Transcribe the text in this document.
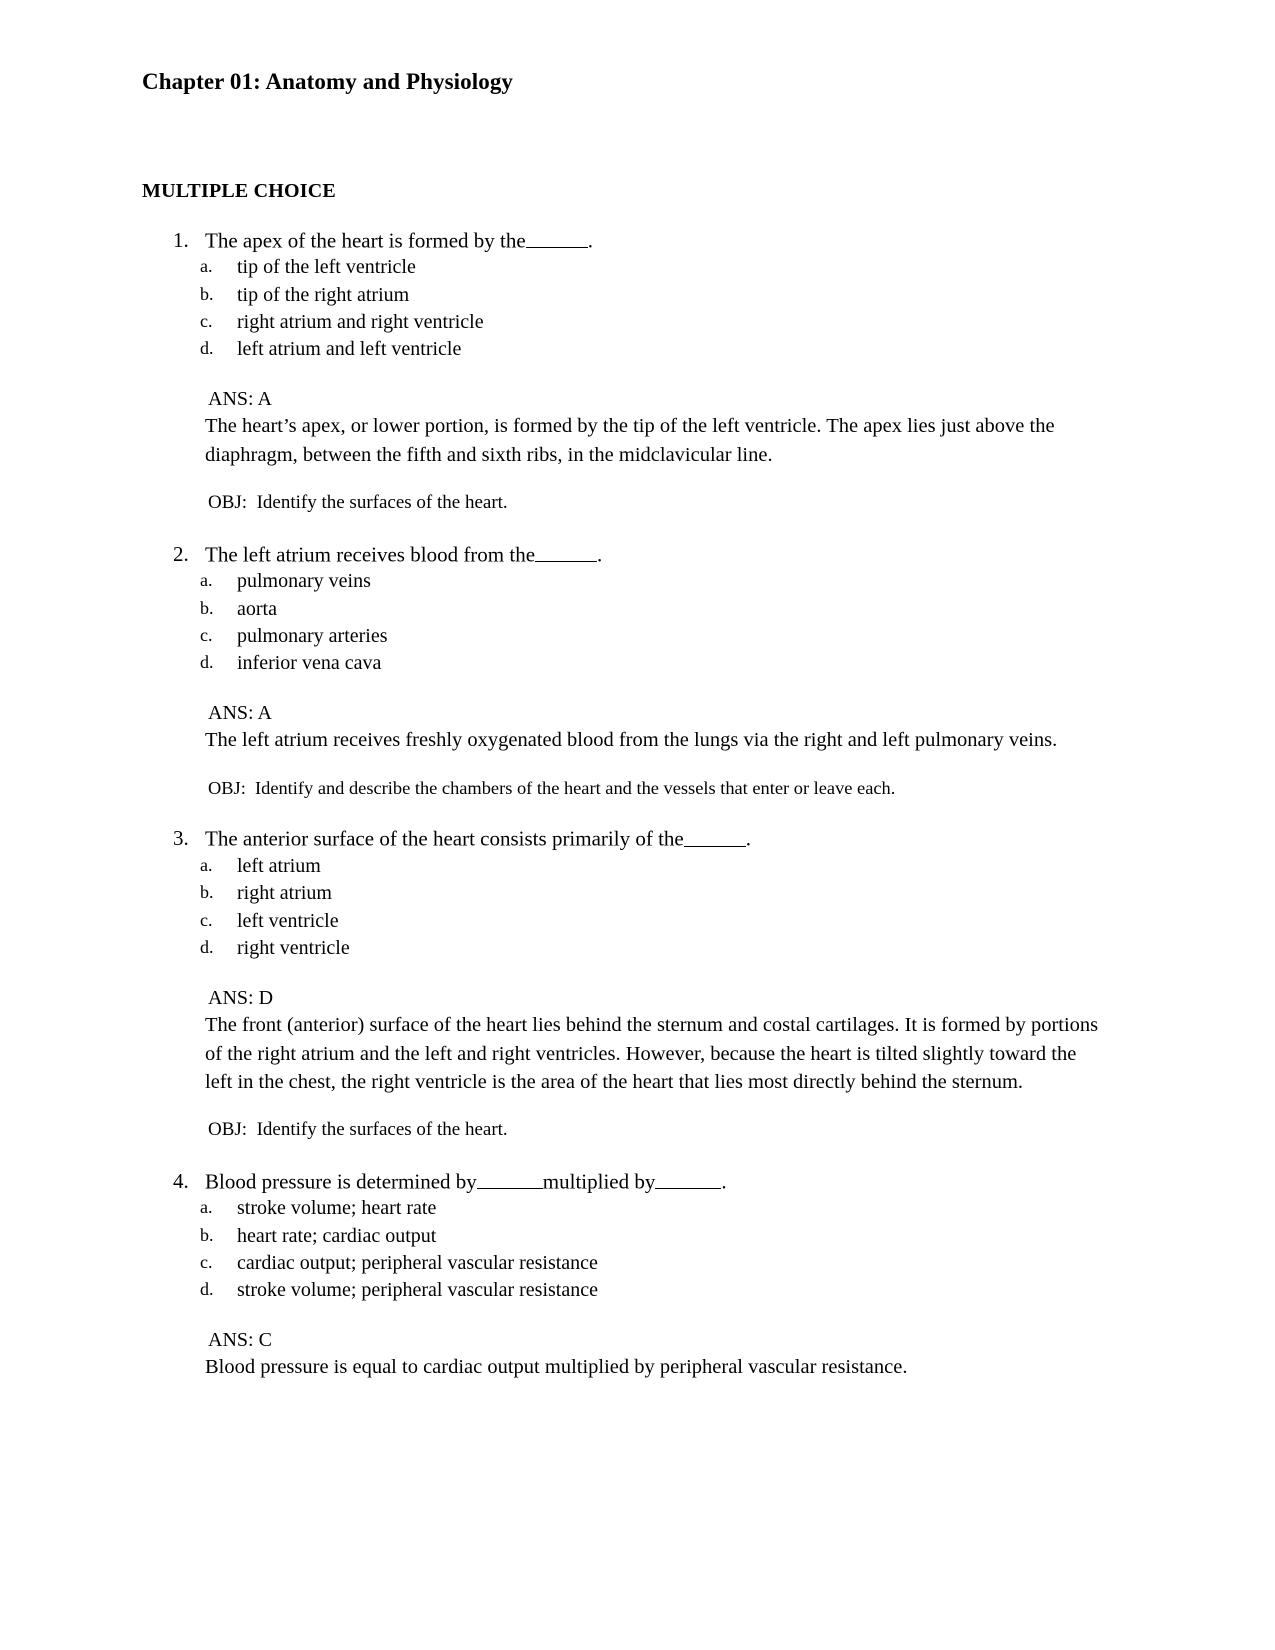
Chapter 01: Anatomy and Physiology
MULTIPLE CHOICE
1. The apex of the heart is formed by the	.
a. tip of the left ventricle
b. tip of the right atrium
c. right atrium and right ventricle
d. left atrium and left ventricle
ANS: A
The heart’s apex, or lower portion, is formed by the tip of the left ventricle. The apex lies just above the diaphragm, between the fifth and sixth ribs, in the midclavicular line.
OBJ:  Identify the surfaces of the heart.
2. The left atrium receives blood from the	.
a. pulmonary veins
b. aorta
c. pulmonary arteries
d. inferior vena cava
ANS: A
The left atrium receives freshly oxygenated blood from the lungs via the right and left pulmonary veins.
OBJ:  Identify and describe the chambers of the heart and the vessels that enter or leave each.
3. The anterior surface of the heart consists primarily of the	.
a. left atrium
b. right atrium
c. left ventricle
d. right ventricle
ANS: D
The front (anterior) surface of the heart lies behind the sternum and costal cartilages. It is formed by portions of the right atrium and the left and right ventricles. However, because the heart is tilted slightly toward the left in the chest, the right ventricle is the area of the heart that lies most directly behind the sternum.
OBJ:  Identify the surfaces of the heart.
4. Blood pressure is determined by	multiplied by	.
a. stroke volume; heart rate
b. heart rate; cardiac output
c. cardiac output; peripheral vascular resistance
d. stroke volume; peripheral vascular resistance
ANS: C
Blood pressure is equal to cardiac output multiplied by peripheral vascular resistance.
